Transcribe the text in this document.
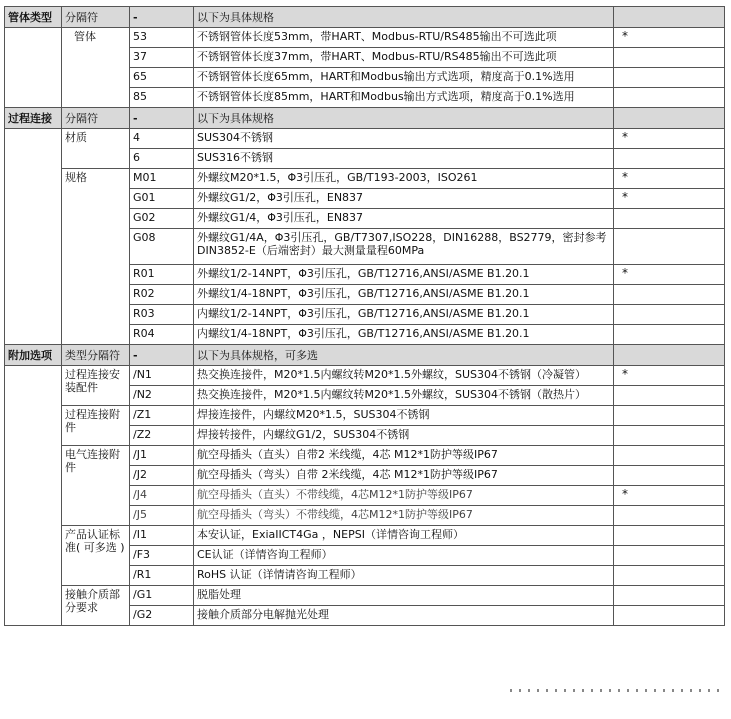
管体类型	分隔符	-	以下为具体规格	
	管体	53	不锈钢管体长度53mm，带HART、Modbus-RTU/RS485输出不可选此项	*
		37	不锈钢管体长度37mm，带HART、Modbus-RTU/RS485输出不可选此项	
		65	不锈钢管体长度65mm，HART和Modbus输出方式选项，精度高于0.1%选用	
		85	不锈钢管体长度85mm，HART和Modbus输出方式选项，精度高于0.1%选用	
过程连接	分隔符	-	以下为具体规格	
	材质	4	SUS304不锈钢	*
		6	SUS316不锈钢	
	规格	M01	外螺纹M20*1.5，Φ3引压孔，GB/T193-2003，ISO261	*
		G01	外螺纹G1/2，Φ3引压孔，EN837	*
		G02	外螺纹G1/4，Φ3引压孔，EN837	
		G08	外螺纹G1/4A，Φ3引压孔，GB/T7307,ISO228，DIN16288，BS2779，密封参考DIN3852-E（后端密封）最大测量量程60MPa	
		R01	外螺纹1/2-14NPT，Φ3引压孔，GB/T12716,ANSI/ASME B1.20.1	*
		R02	外螺纹1/4-18NPT，Φ3引压孔，GB/T12716,ANSI/ASME B1.20.1	
		R03	内螺纹1/2-14NPT，Φ3引压孔，GB/T12716,ANSI/ASME B1.20.1	
		R04	内螺纹1/4-18NPT，Φ3引压孔，GB/T12716,ANSI/ASME B1.20.1	
附加选项	类型分隔符	-	以下为具体规格，可多选	
	过程连接安装配件	/N1	热交换连接件，M20*1.5内螺纹转M20*1.5外螺纹，SUS304不锈钢（冷凝管）	*
		/N2	热交换连接件，M20*1.5内螺纹转M20*1.5外螺纹，SUS304不锈钢（散热片）	
	过程连接附件	/Z1	焊接连接件，内螺纹M20*1.5，SUS304不锈钢	
		/Z2	焊接转接件，内螺纹G1/2，SUS304不锈钢	
	电气连接附件	/J1	航空母插头（直头）自带2 米线缆，4芯 M12*1防护等级IP67	
		/J2	航空母插头（弯头）自带 2米线缆，4芯 M12*1防护等级IP67	
		/J4	航空母插头（直头）不带线缆，4芯M12*1防护等级IP67	*
		/J5	航空母插头（弯头）不带线缆，4芯M12*1防护等级IP67	
	产品认证标准( 可多选 )	/I1	本安认证，ExiaIICT4Ga ，NEPSI（详情咨询工程师）	
		/F3	CE认证（详情咨询工程师）	
		/R1	RoHS 认证（详情请咨询工程师）	
	接触介质部分要求	/G1	脱脂处理	
		/G2	接触介质部分电解抛光处理	
